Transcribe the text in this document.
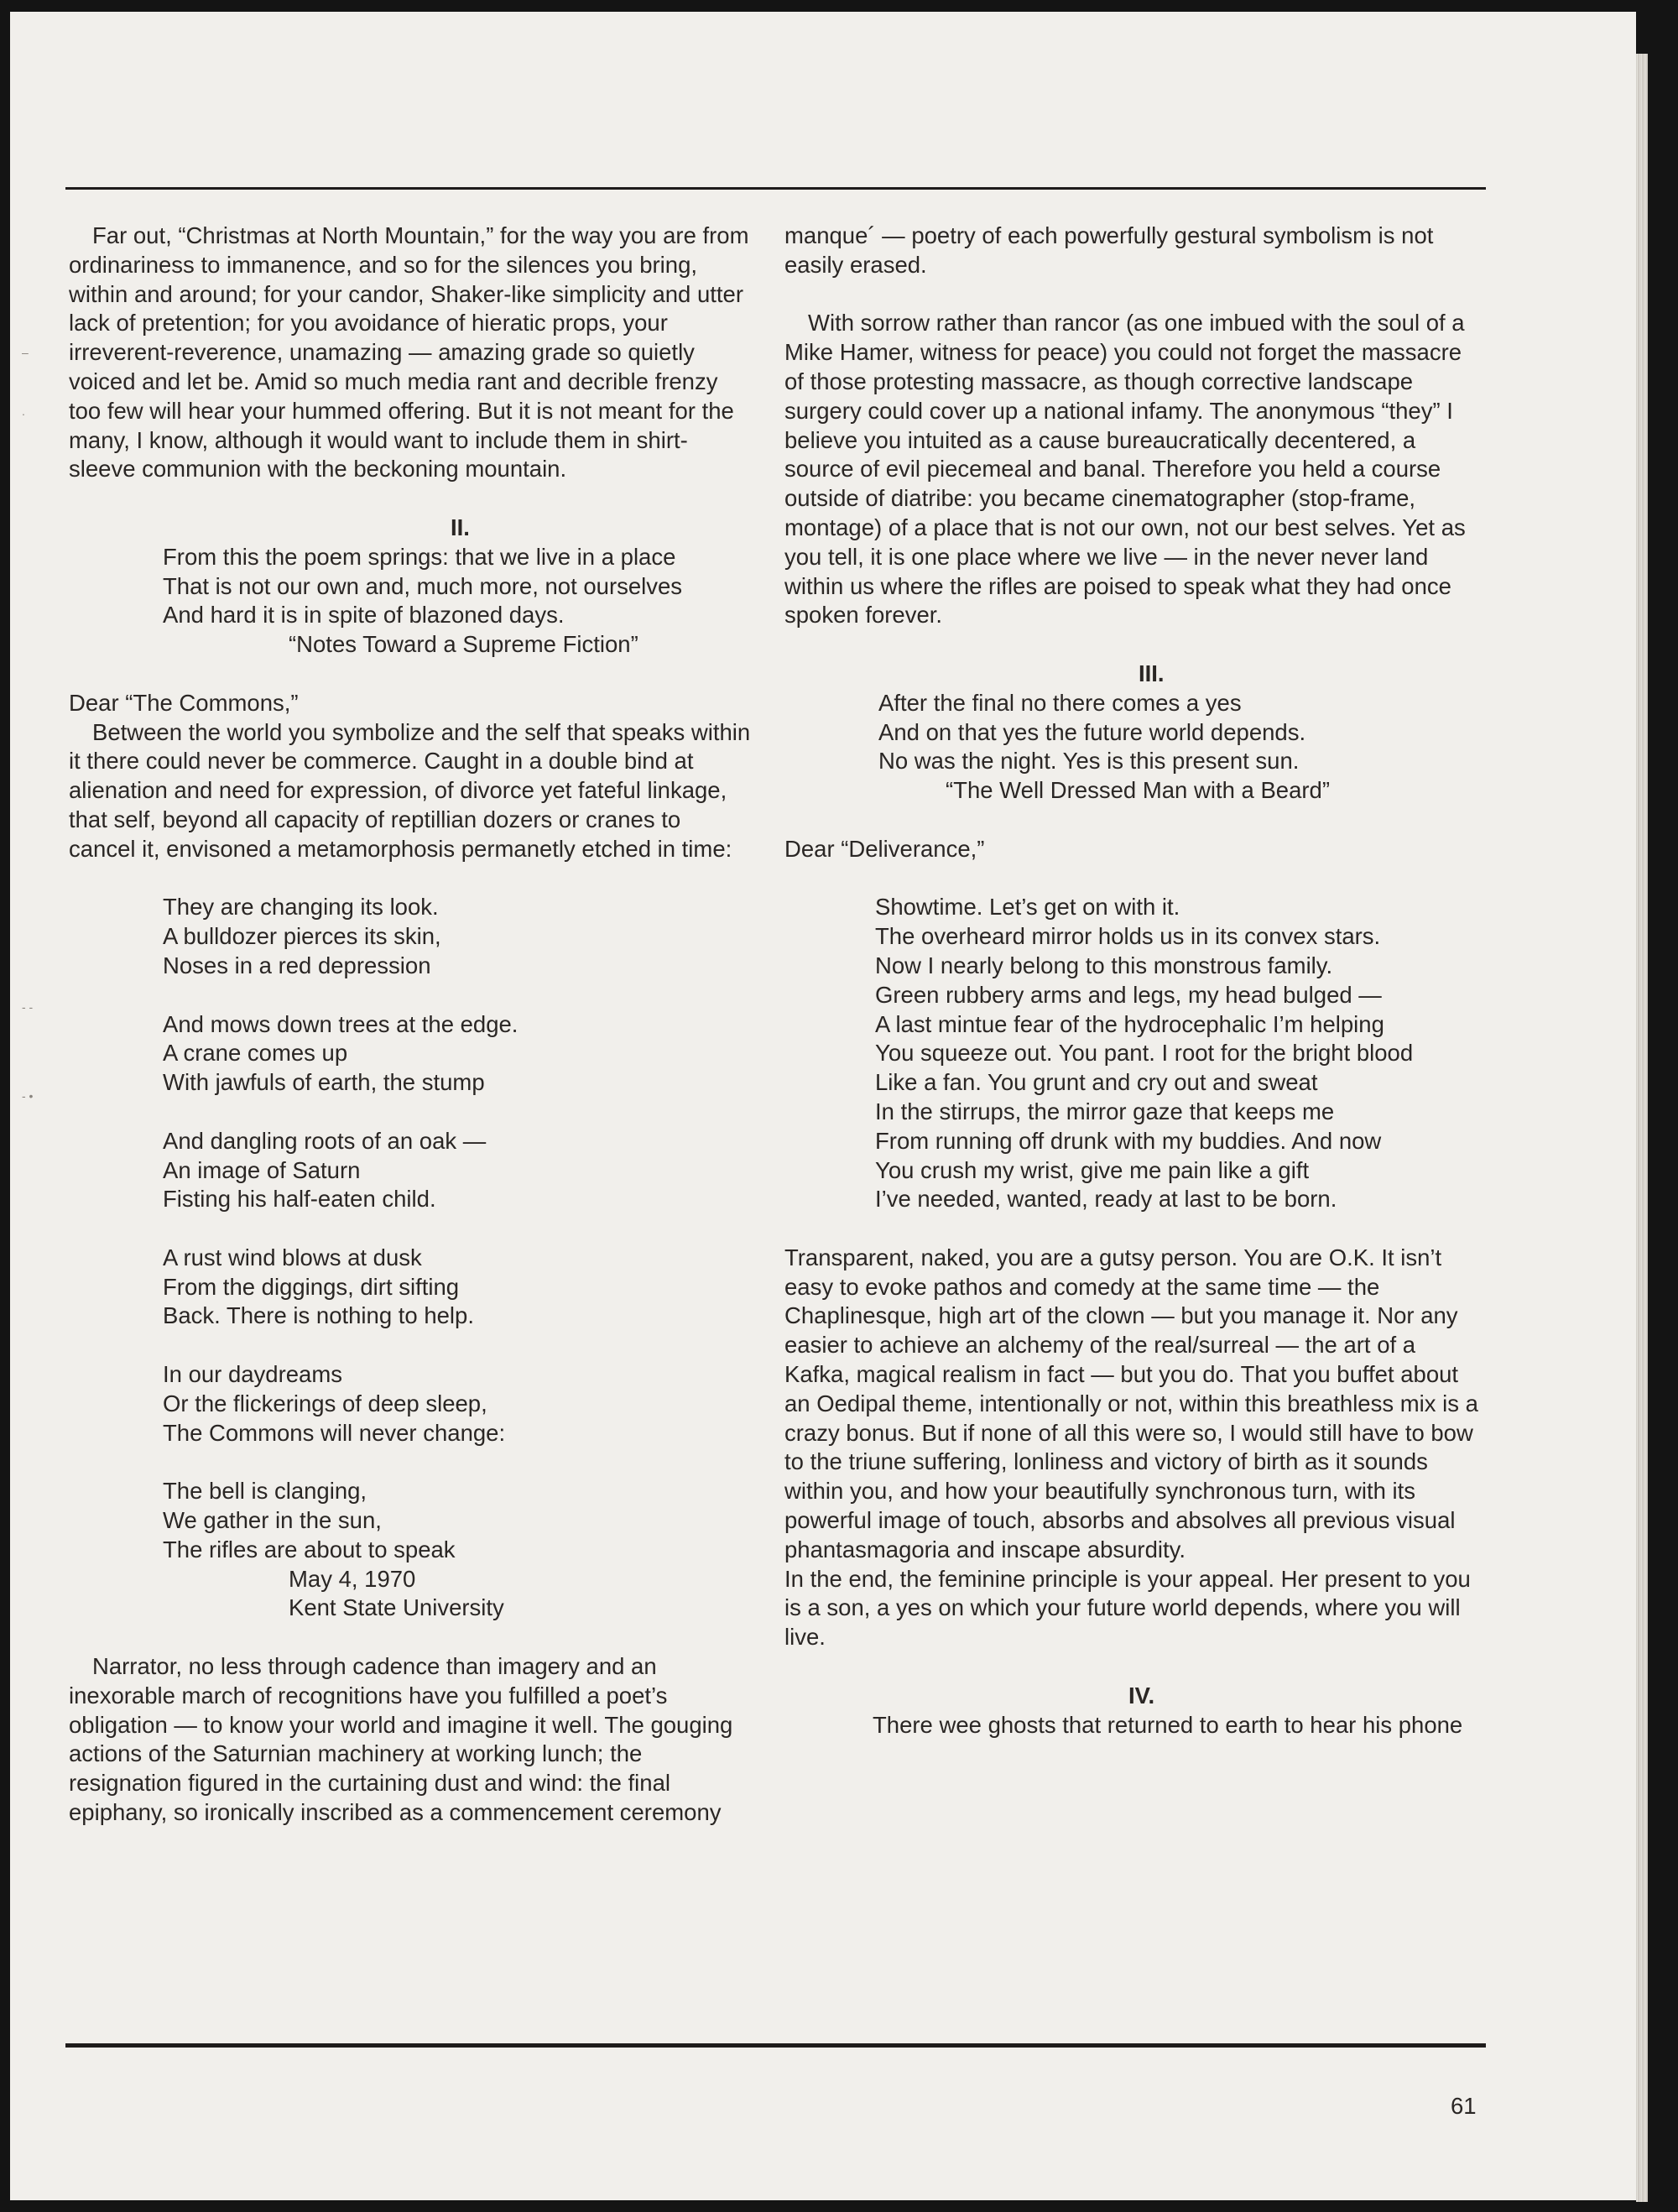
–
.
- -
- •

Far out, “Christmas at North Mountain,” for the way you are from ordinariness to immanence, and so for the silences you bring, within and around; for your candor, Shaker-like simplicity and utter lack of pretention; for you avoidance of hieratic props, your irreverent-reverence, unamazing — amazing grade so quietly voiced and let be. Amid so much media rant and decrible frenzy too few will hear your hummed offering. But it is not meant for the many, I know, although it would want to include them in shirt-sleeve communion with the beckoning mountain.

II.
From this the poem springs: that we live in a place
That is not our own and, much more, not ourselves
And hard it is in spite of blazoned days.
“Notes Toward a Supreme Fiction”

Dear “The Commons,”

Between the world you symbolize and the self that speaks within it there could never be commerce. Caught in a double bind at alienation and need for expression, of divorce yet fateful linkage, that self, beyond all capacity of reptillian dozers or cranes to cancel it, envisoned a metamorphosis permanetly etched in time:

They are changing its look.
A bulldozer pierces its skin,
Noses in a red depression
And mows down trees at the edge.
A crane comes up
With jawfuls of earth, the stump
And dangling roots of an oak —
An image of Saturn
Fisting his half-eaten child.
A rust wind blows at dusk
From the diggings, dirt sifting
Back. There is nothing to help.
In our daydreams
Or the flickerings of deep sleep,
The Commons will never change:
The bell is clanging,
We gather in the sun,
The rifles are about to speak
May 4, 1970
Kent State University

Narrator, no less through cadence than imagery and an inexorable march of recognitions have you fulfilled a poet’s obligation — to know your world and imagine it well. The gouging actions of the Saturnian machinery at working lunch; the resignation figured in the curtaining dust and wind: the final epiphany, so ironically inscribed as a commencement ceremony

manque´ — poetry of each powerfully gestural symbolism is not easily erased.

With sorrow rather than rancor (as one imbued with the soul of a Mike Hamer, witness for peace) you could not forget the massacre of those protesting massacre, as though corrective landscape surgery could cover up a national infamy. The anonymous “they” I believe you intuited as a cause bureaucratically decentered, a source of evil piecemeal and banal. Therefore you held a course outside of diatribe: you became cinematographer (stop-frame, montage) of a place that is not our own, not our best selves. Yet as you tell, it is one place where we live — in the never never land within us where the rifles are poised to speak what they had once spoken forever.

III.
After the final no there comes a yes
And on that yes the future world depends.
No was the night. Yes is this present sun.
“The Well Dressed Man with a Beard”

Dear “Deliverance,”

Showtime. Let’s get on with it.
The overheard mirror holds us in its convex stars.
Now I nearly belong to this monstrous family.
Green rubbery arms and legs, my head bulged —
A last mintue fear of the hydrocephalic I’m helping
You squeeze out. You pant. I root for the bright blood
Like a fan. You grunt and cry out and sweat
In the stirrups, the mirror gaze that keeps me
From running off drunk with my buddies. And now
You crush my wrist, give me pain like a gift
I’ve needed, wanted, ready at last to be born.

Transparent, naked, you are a gutsy person. You are O.K. It isn’t easy to evoke pathos and comedy at the same time — the Chaplinesque, high art of the clown — but you manage it. Nor any easier to achieve an alchemy of the real/surreal — the art of a Kafka, magical realism in fact — but you do. That you buffet about an Oedipal theme, intentionally or not, within this breathless mix is a crazy bonus. But if none of all this were so, I would still have to bow to the triune suffering, lonliness and victory of birth as it sounds within you, and how your beautifully synchronous turn, with its powerful image of touch, absorbs and absolves all previous visual phantasmagoria and inscape absurdity.

In the end, the feminine principle is your appeal. Her present to you is a son, a yes on which your future world depends, where you will live.

IV.
There wee ghosts that returned to earth to hear his phone
61
